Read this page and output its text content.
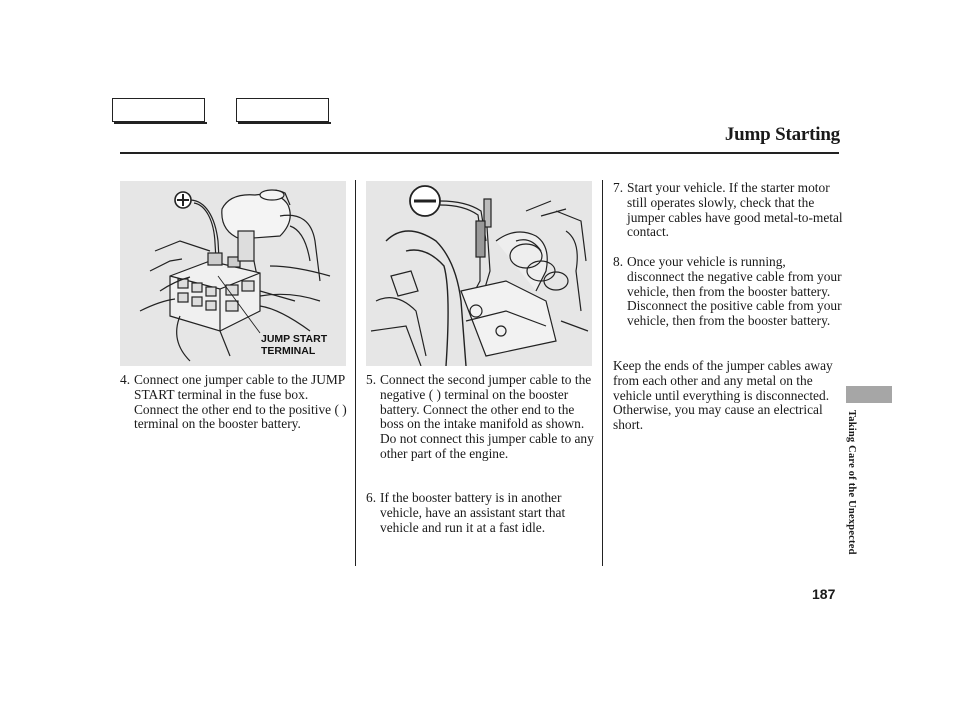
Jump Starting
JUMP START
TERMINAL
4. Connect one jumper cable to the JUMP START terminal in the fuse box. Connect the other end to the positive ( ) terminal on the booster battery.
5. Connect the second jumper cable to the negative ( ) terminal on the booster battery. Connect the other end to the boss on the intake manifold as shown. Do not connect this jumper cable to any other part of the engine.
6. If the booster battery is in another vehicle, have an assistant start that vehicle and run it at a fast idle.
7. Start your vehicle. If the starter motor still operates slowly, check that the jumper cables have good metal-to-metal contact.
8. Once your vehicle is running, disconnect the negative cable from your vehicle, then from the booster battery. Disconnect the positive cable from your vehicle, then from the booster battery.
Keep the ends of the jumper cables away from each other and any metal on the vehicle until everything is disconnected. Otherwise, you may cause an electrical short.	Taking Care of the Unexpected
187
